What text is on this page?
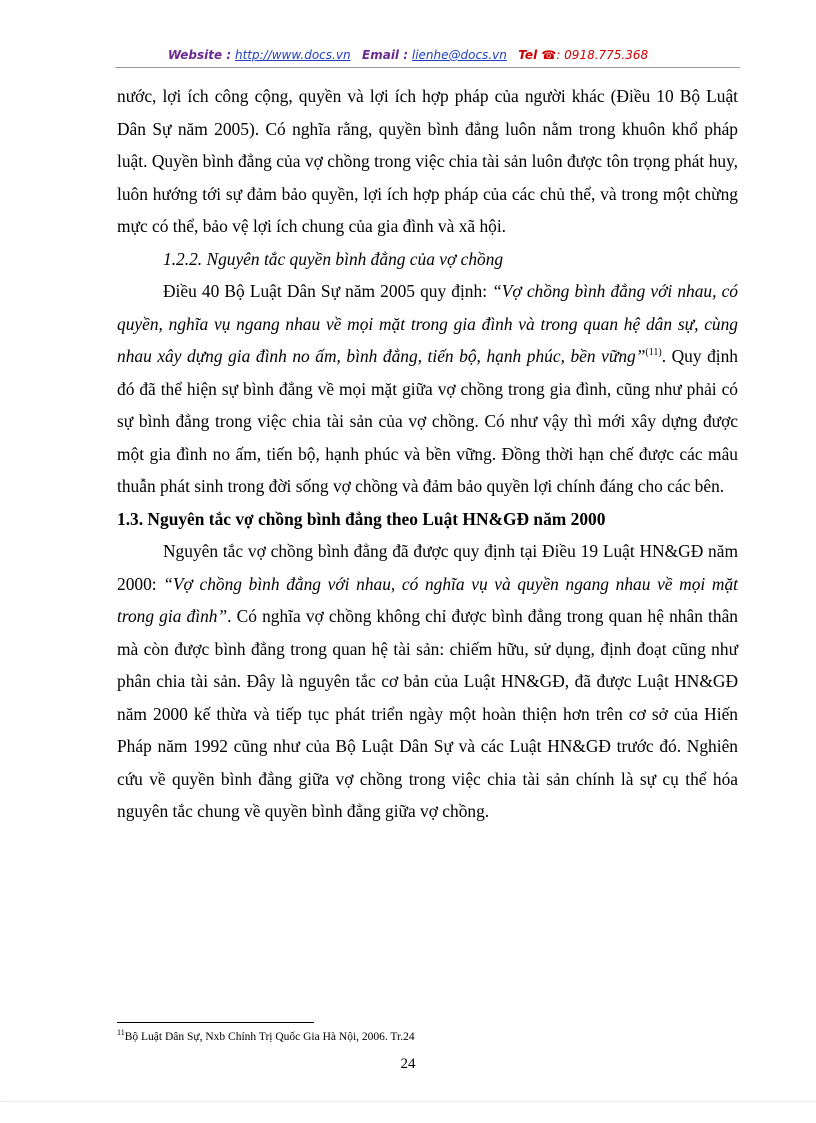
Website : http://www.docs.vn Email : lienhe@docs.vn Tel ☎: 0918.775.368

nước, lợi ích công cộng, quyền và lợi ích hợp pháp của người khác (Điều 10 Bộ Luật Dân Sự năm 2005). Có nghĩa rằng, quyền bình đẳng luôn nằm trong khuôn khổ pháp luật. Quyền bình đẳng của vợ chồng trong việc chia tài sản luôn được tôn trọng phát huy, luôn hướng tới sự đảm bảo quyền, lợi ích hợp pháp của các chủ thể, và trong một chừng mực có thể, bảo vệ lợi ích chung của gia đình và xã hội.

1.2.2. Nguyên tắc quyền bình đẳng của vợ chồng

Điều 40 Bộ Luật Dân Sự năm 2005 quy định: “Vợ chồng bình đẳng với nhau, có quyền, nghĩa vụ ngang nhau về mọi mặt trong gia đình và trong quan hệ dân sự, cùng nhau xây dựng gia đình no ấm, bình đẳng, tiến bộ, hạnh phúc, bền vững”$^{(11)}$. Quy định đó đã thể hiện sự bình đẳng về mọi mặt giữa vợ chồng trong gia đình, cũng như phải có sự bình đẳng trong việc chia tài sản của vợ chồng. Có như vậy thì mới xây dựng được một gia đình no ấm, tiến bộ, hạnh phúc và bền vững. Đồng thời hạn chế được các mâu thuẫn phát sinh trong đời sống vợ chồng và đảm bảo quyền lợi chính đáng cho các bên.

1.3. Nguyên tắc vợ chồng bình đẳng theo Luật HN&GĐ năm 2000

Nguyên tắc vợ chồng bình đẳng đã được quy định tại Điều 19 Luật HN&GĐ năm 2000: “Vợ chồng bình đẳng với nhau, có nghĩa vụ và quyền ngang nhau về mọi mặt trong gia đình”. Có nghĩa vợ chồng không chỉ được bình đẳng trong quan hệ nhân thân mà còn được bình đẳng trong quan hệ tài sản: chiếm hữu, sử dụng, định đoạt cũng như phân chia tài sản. Đây là nguyên tắc cơ bản của Luật HN&GĐ, đã được Luật HN&GĐ năm 2000 kế thừa và tiếp tục phát triển ngày một hoàn thiện hơn trên cơ sở của Hiến Pháp năm 1992 cũng như của Bộ Luật Dân Sự và các Luật HN&GĐ trước đó. Nghiên cứu về quyền bình đẳng giữa vợ chồng trong việc chia tài sản chính là sự cụ thể hóa nguyên tắc chung về quyền bình đẳng giữa vợ chồng.

$^{11}$Bộ Luật Dân Sự, Nxb Chính Trị Quốc Gia Hà Nội, 2006. Tr.24
24
